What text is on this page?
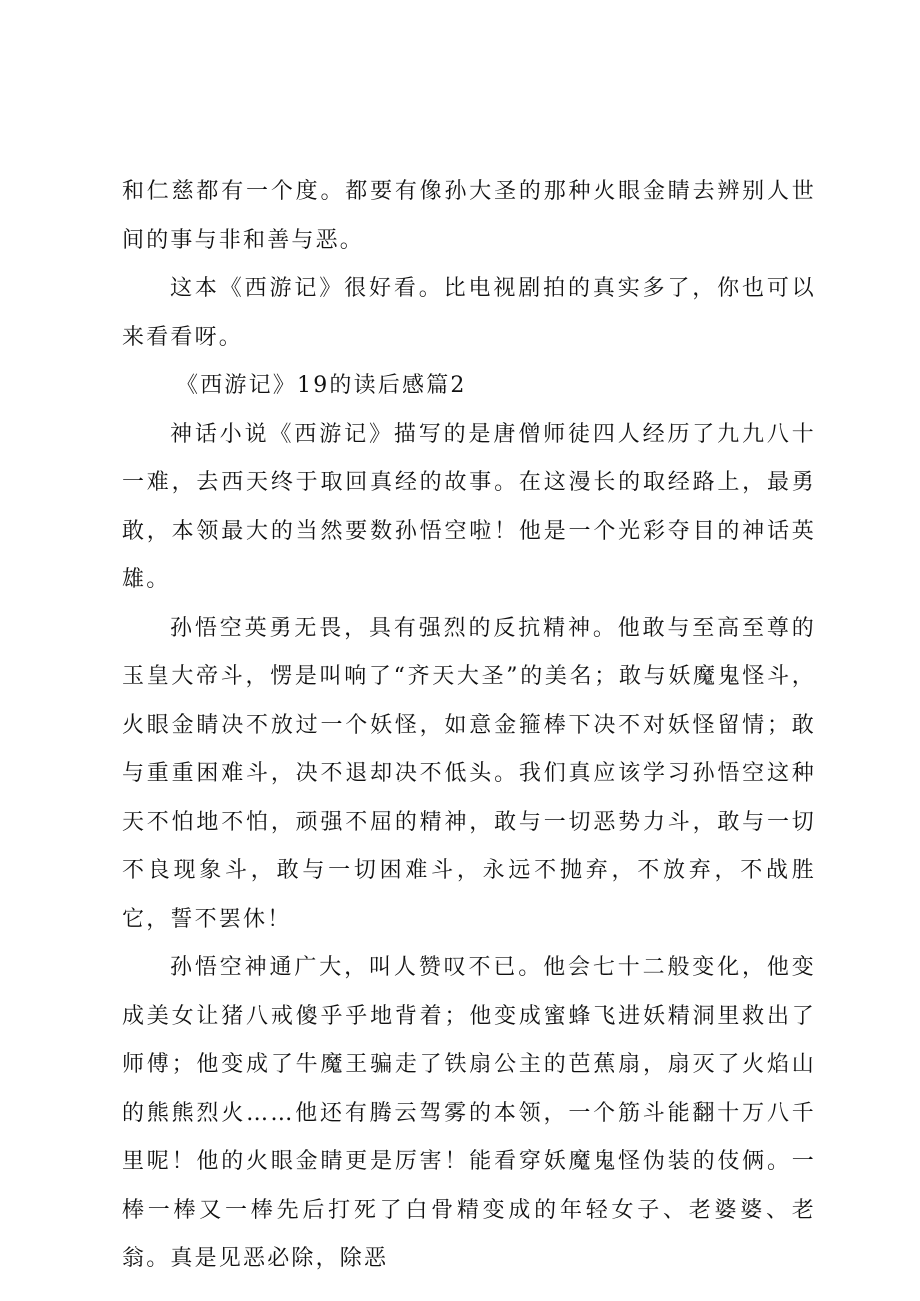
和仁慈都有一个度。都要有像孙大圣的那种火眼金睛去辨别人世间的事与非和善与恶。

这本《西游记》很好看。比电视剧拍的真实多了，你也可以来看看呀。

《西游记》19的读后感篇2

神话小说《西游记》描写的是唐僧师徒四人经历了九九八十一难，去西天终于取回真经的故事。在这漫长的取经路上，最勇敢，本领最大的当然要数孙悟空啦！他是一个光彩夺目的神话英雄。

孙悟空英勇无畏，具有强烈的反抗精神。他敢与至高至尊的玉皇大帝斗，愣是叫响了“齐天大圣”的美名；敢与妖魔鬼怪斗，火眼金睛决不放过一个妖怪，如意金箍棒下决不对妖怪留情；敢与重重困难斗，决不退却决不低头。我们真应该学习孙悟空这种天不怕地不怕，顽强不屈的精神，敢与一切恶势力斗，敢与一切不良现象斗，敢与一切困难斗，永远不抛弃，不放弃，不战胜它，誓不罢休！

孙悟空神通广大，叫人赞叹不已。他会七十二般变化，他变成美女让猪八戒傻乎乎地背着；他变成蜜蜂飞进妖精洞里救出了师傅；他变成了牛魔王骗走了铁扇公主的芭蕉扇，扇灭了火焰山的熊熊烈火……他还有腾云驾雾的本领，一个筋斗能翻十万八千里呢！他的火眼金睛更是厉害！能看穿妖魔鬼怪伪装的伎俩。一棒一棒又一棒先后打死了白骨精变成的年轻女子、老婆婆、老翁。真是见恶必除，除恶
